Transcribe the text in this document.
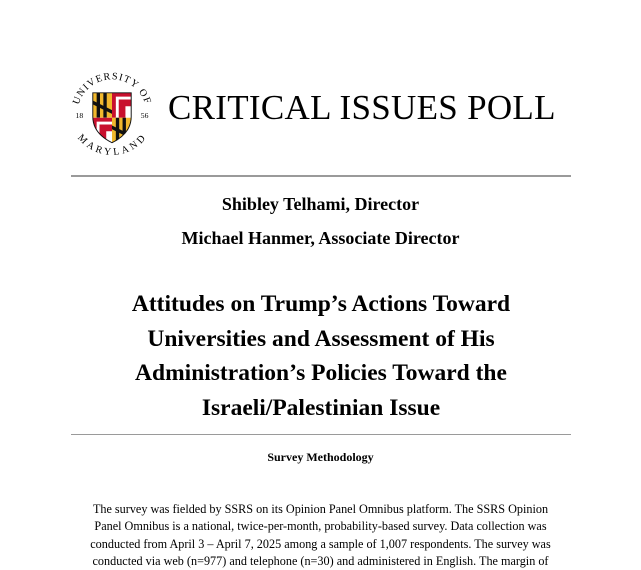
UNIVERSITY OF
MARYLAND
18	56 CRITICAL ISSUES POLL
Shibley Telhami, Director
Michael Hanmer, Associate Director
Attitudes on Trump’s Actions Toward
Universities and Assessment of His
Administration’s Policies Toward the
Israeli/Palestinian Issue
Survey Methodology
The survey was fielded by SSRS on its Opinion Panel Omnibus platform. The SSRS Opinion
Panel Omnibus is a national, twice-per-month, probability-based survey. Data collection was
conducted from April 3 – April 7, 2025 among a sample of 1,007 respondents. The survey was
conducted via web (n=977) and telephone (n=30) and administered in English. The margin of
